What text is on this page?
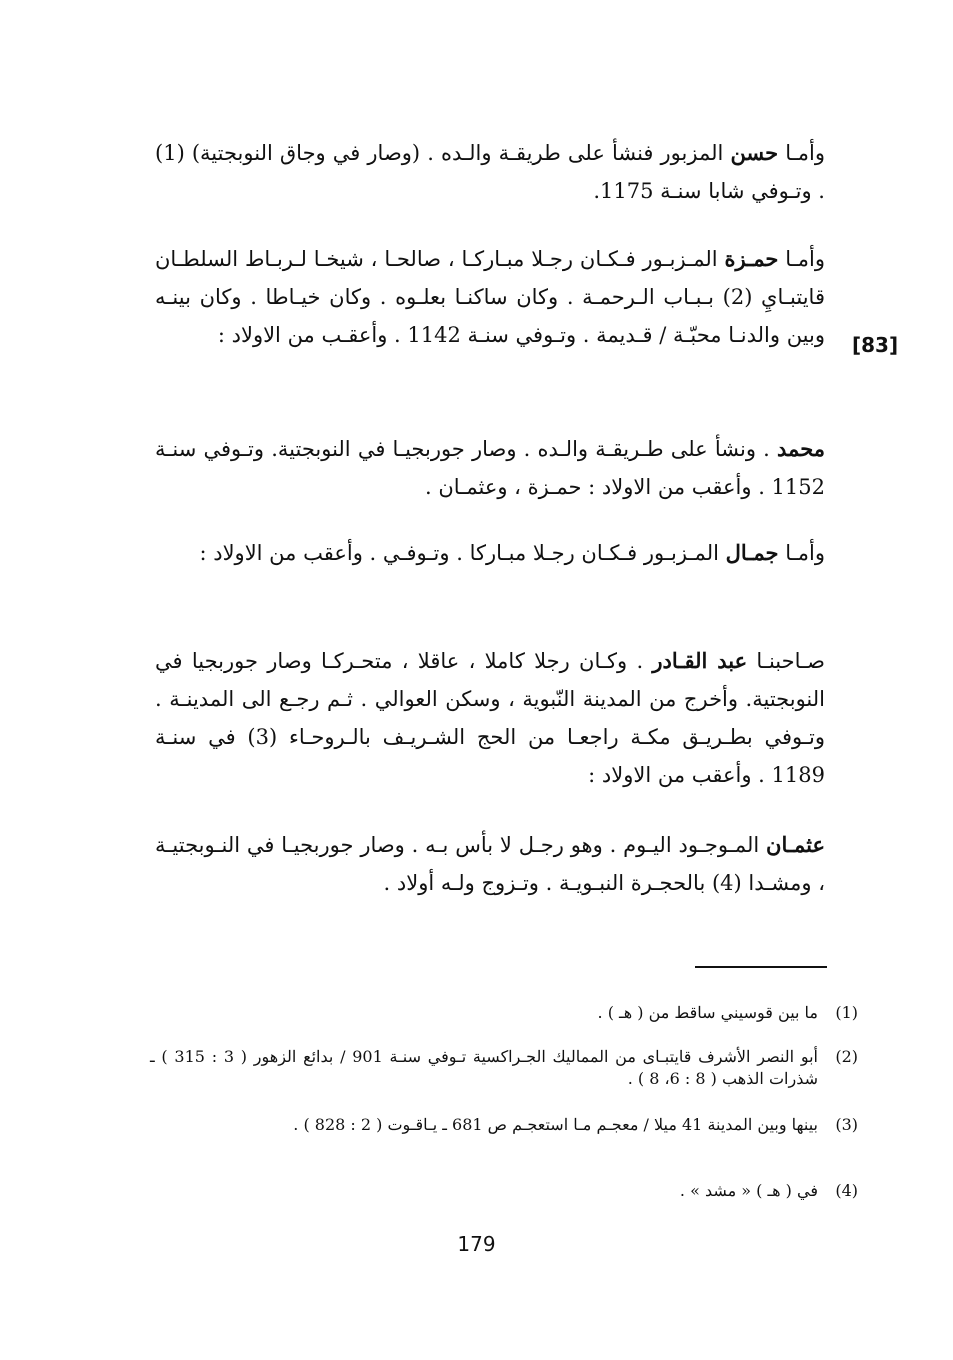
وأمـا حسن المزبور فنشأ على طريقـة والـده . (وصار في وجاق النوبجتية) (1) . وتـوفي شابا سنـة 1175.

وأمـا حمـزة المـزبـور فـكـان رجـلا مبـاركـا ، صالحـا ، شيخـا لـربـاط السلطـان قايتبـايِ (2) بـبـاب الـرحمـة . وكان ساكنـا بعلـوه . وكان خيـاطا . وكان بينـه وبين والدنـا محبّـة / قـديمة . وتـوفي سنـة 1142 . وأعقـب من الاولاد : [83]

محمد . ونشأ على طـريقـة والـده . وصار جوربجيـا في النوبجتية. وتـوفي سنـة 1152 . وأعقب من الاولاد : حمـزة ، وعثمـان .

وأمـا جمـال المـزبـور فـكـان رجـلا مبـاركا . وتـوفـي . وأعقب من الاولاد :

صـاحبنـا عبد القـادر . وكـان رجلا كاملا ، عاقلا ، متحـركـا وصار جوربجيا في النوبجتية. وأخرج من المدينة النّبوية ، وسكن العوالي . ثـم رجـع الى المدينـة . وتـوفي بطـريـق مكـة راجعـا من الحج الشـريـف بالـروحـاء (3) في سنـة 1189 . وأعقب من الاولاد :

عثمـان المـوجـود اليـوم . وهو رجـل لا بأس بـه . وصار جوربجيـا في النـوبجتيـة ، ومشـدا (4) بالحجـرة النبـويـة . وتـزوج ولـه أولاد .

(1)

ما بين قوسيني ساقط من ( هـ ) .

(2)

أبو النصر الأشرف قايتبـاى من المماليك الجـراكسية تـوفي سنـة 901 / بدائع الزهور ( 3 : 315 ) ـ شذرات الذهب ( 8 : 6، 8 ) .

(3)

بينها وبين المدينة 41 ميلا / معجـم مـا استعجـم ص 681 ـ يـاقـوت ( 2 : 828 ) .

(4)

في ( هـ ) « مشد » .

179
